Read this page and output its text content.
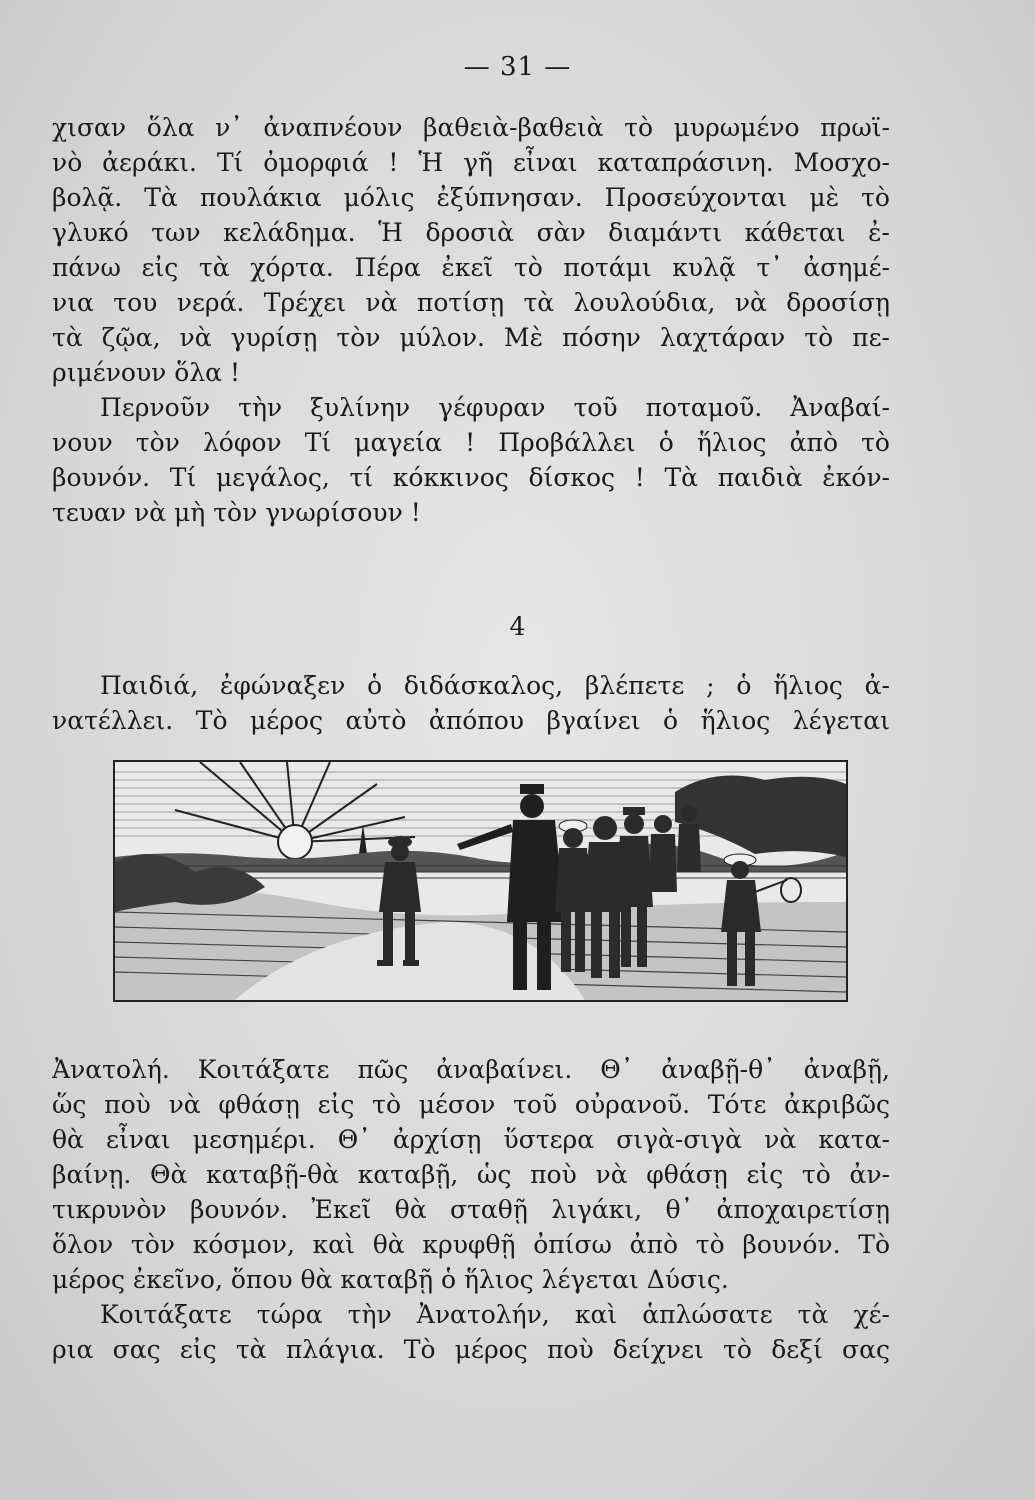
— 31 —
χισαν ὅλα ν᾽ ἀναπνέουν βαθειὰ-βαθειὰ τὸ μυρωμένο πρωϊ-
νὸ ἀεράκι. Τί ὀμορφιά ! Ἡ γῆ εἶναι καταπράσινη. Μοσχο-
βολᾷ. Τὰ πουλάκια μόλις ἐξύπνησαν. Προσεύχονται μὲ τὸ
γλυκό των κελάδημα. Ἡ δροσιὰ σὰν διαμάντι κάθεται ἐ-
πάνω εἰς τὰ χόρτα. Πέρα ἐκεῖ τὸ ποτάμι κυλᾷ τ᾽ ἀσημέ-
νια του νερά. Τρέχει νὰ ποτίσῃ τὰ λουλούδια, νὰ δροσίσῃ
τὰ ζῷα, νὰ γυρίσῃ τὸν μύλον. Μὲ πόσην λαχτάραν τὸ πε-
ριμένουν ὅλα !
Περνοῦν τὴν ξυλίνην γέφυραν τοῦ ποταμοῦ. Ἀναβαί-
νουν τὸν λόφον Τί μαγεία ! Προβάλλει ὁ ἥλιος ἀπὸ τὸ
βουνόν. Τί μεγάλος, τί κόκκινος δίσκος ! Τὰ παιδιὰ ἐκόν-
τευαν νὰ μὴ τὸν γνωρίσουν !
4
Παιδιά, ἐφώναξεν ὁ διδάσκαλος, βλέπετε ; ὁ ἥλιος ἀ-
νατέλλει. Τὸ μέρος αὐτὸ ἀπόπου βγαίνει ὁ ἥλιος λέγεται
Ἀνατολή. Κοιτάξατε πῶς ἀναβαίνει. Θ᾽ ἀναβῇ-θ᾽ ἀναβῇ,
ὥς ποὺ νὰ φθάσῃ εἰς τὸ μέσον τοῦ οὐρανοῦ. Τότε ἀκριβῶς
θὰ εἶναι μεσημέρι. Θ᾽ ἀρχίσῃ ὕστερα σιγὰ-σιγὰ νὰ κατα-
βαίνῃ. Θὰ καταβῇ-θὰ καταβῇ, ὡς ποὺ νὰ φθάσῃ εἰς τὸ ἀν-
τικρυνὸν βουνόν. Ἐκεῖ θὰ σταθῇ λιγάκι, θ᾽ ἀποχαιρετίσῃ
ὅλον τὸν κόσμον, καὶ θὰ κρυφθῇ ὀπίσω ἀπὸ τὸ βουνόν. Τὸ
μέρος ἐκεῖνο, ὅπου θὰ καταβῇ ὁ ἥλιος λέγεται Δύσις.
Κοιτάξατε τώρα τὴν Ἀνατολήν, καὶ ἁπλώσατε τὰ χέ-
ρια σας εἰς τὰ πλάγια. Τὸ μέρος ποὺ δείχνει τὸ δεξί σας
